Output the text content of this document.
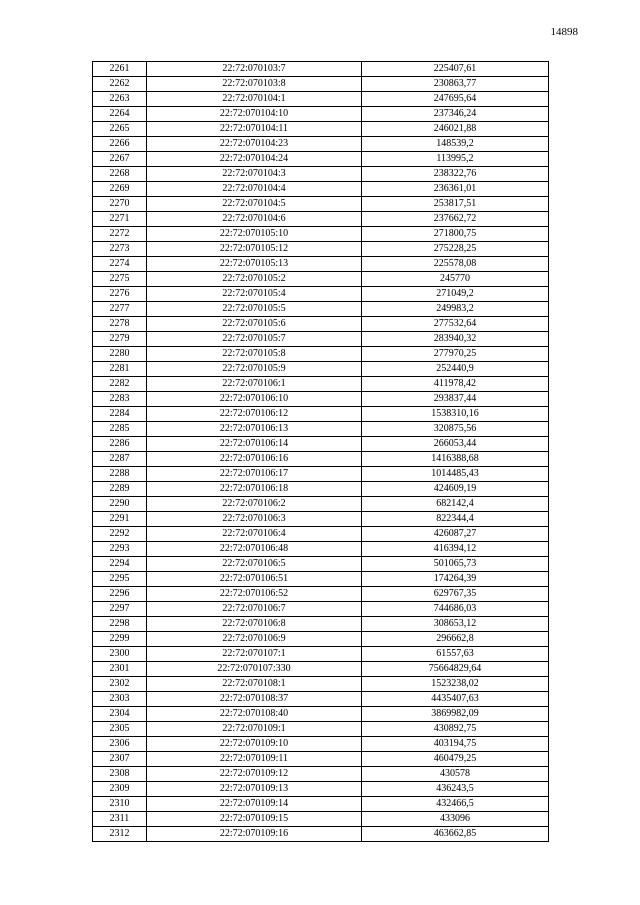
14898
2261	22:72:070103:7	225407,61
2262	22:72:070103:8	230863,77
2263	22:72:070104:1	247695,64
2264	22:72:070104:10	237346,24
2265	22:72:070104:11	246021,88
2266	22:72:070104:23	148539,2
2267	22:72:070104:24	113995,2
2268	22:72:070104:3	238322,76
2269	22:72:070104:4	236361,01
2270	22:72:070104:5	253817,51
2271	22:72:070104:6	237662,72
2272	22:72:070105:10	271800,75
2273	22:72:070105:12	275228,25
2274	22:72:070105:13	225578,08
2275	22:72:070105:2	245770
2276	22:72:070105:4	271049,2
2277	22:72:070105:5	249983,2
2278	22:72:070105:6	277532,64
2279	22:72:070105:7	283940,32
2280	22:72:070105:8	277970,25
2281	22:72:070105:9	252440,9
2282	22:72:070106:1	411978,42
2283	22:72:070106:10	293837,44
2284	22:72:070106:12	1538310,16
2285	22:72:070106:13	320875,56
2286	22:72:070106:14	266053,44
2287	22:72:070106:16	1416388,68
2288	22:72:070106:17	1014485,43
2289	22:72:070106:18	424609,19
2290	22:72:070106:2	682142,4
2291	22:72:070106:3	822344,4
2292	22:72:070106:4	426087,27
2293	22:72:070106:48	416394,12
2294	22:72:070106:5	501065,73
2295	22:72:070106:51	174264,39
2296	22:72:070106:52	629767,35
2297	22:72:070106:7	744686,03
2298	22:72:070106:8	308653,12
2299	22:72:070106:9	296662,8
2300	22:72:070107:1	61557,63
2301	22:72:070107:330	75664829,64
2302	22:72:070108:1	1523238,02
2303	22:72:070108:37	4435407,63
2304	22:72:070108:40	3869982,09
2305	22:72:070109:1	430892,75
2306	22:72:070109:10	403194,75
2307	22:72:070109:11	460479,25
2308	22:72:070109:12	430578
2309	22:72:070109:13	436243,5
2310	22:72:070109:14	432466,5
2311	22:72:070109:15	433096
2312	22:72:070109:16	463662,85
